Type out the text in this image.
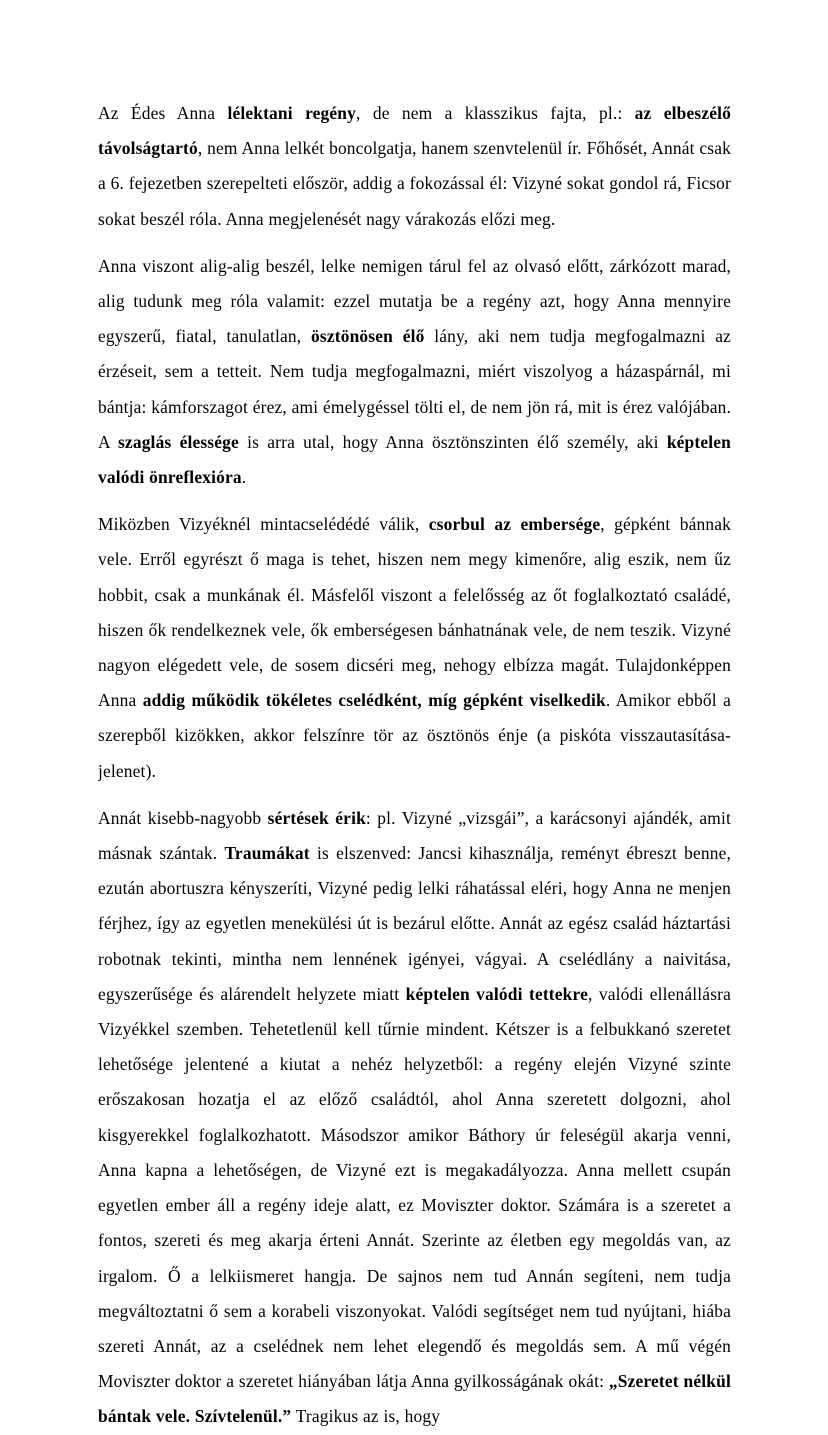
Az Édes Anna lélektani regény, de nem a klasszikus fajta, pl.: az elbeszélő távolságtartó, nem Anna lelkét boncolgatja, hanem szenvtelenül ír. Főhősét, Annát csak a 6. fejezetben szerepelteti először, addig a fokozással él: Vizyné sokat gondol rá, Ficsor sokat beszél róla. Anna megjelenését nagy várakozás előzi meg.

Anna viszont alig-alig beszél, lelke nemigen tárul fel az olvasó előtt, zárkózott marad, alig tudunk meg róla valamit: ezzel mutatja be a regény azt, hogy Anna mennyire egyszerű, fiatal, tanulatlan, ösztönösen élő lány, aki nem tudja megfogalmazni az érzéseit, sem a tetteit. Nem tudja megfogalmazni, miért viszolyog a házaspárnál, mi bántja: kámforszagot érez, ami émelygéssel tölti el, de nem jön rá, mit is érez valójában. A szaglás élessége is arra utal, hogy Anna ösztönszinten élő személy, aki képtelen valódi önreflexióra.

Miközben Vizyéknél mintacselédédé válik, csorbul az embersége, gépként bánnak vele. Erről egyrészt ő maga is tehet, hiszen nem megy kimenőre, alig eszik, nem űz hobbit, csak a munkának él. Másfelől viszont a felelősség az őt foglalkoztató családé, hiszen ők rendelkeznek vele, ők emberségesen bánhatnának vele, de nem teszik. Vizyné nagyon elégedett vele, de sosem dicséri meg, nehogy elbízza magát. Tulajdonképpen Anna addig működik tökéletes cselédként, míg gépként viselkedik. Amikor ebből a szerepből kizökken, akkor felszínre tör az ösztönös énje (a piskóta visszautasítása-jelenet).

Annát kisebb-nagyobb sértések érik: pl. Vizyné „vizsgái”, a karácsonyi ajándék, amit másnak szántak. Traumákat is elszenved: Jancsi kihasználja, reményt ébreszt benne, ezután abortuszra kényszeríti, Vizyné pedig lelki ráhatással eléri, hogy Anna ne menjen férjhez, így az egyetlen menekülési út is bezárul előtte. Annát az egész család háztartási robotnak tekinti, mintha nem lennének igényei, vágyai. A cselédlány a naivitása, egyszerűsége és alárendelt helyzete miatt képtelen valódi tettekre, valódi ellenállásra Vizyékkel szemben. Tehetetlenül kell tűrnie mindent. Kétszer is a felbukkanó szeretet lehetősége jelentené a kiutat a nehéz helyzetből: a regény elején Vizyné szinte erőszakosan hozatja el az előző családtól, ahol Anna szeretett dolgozni, ahol kisgyerekkel foglalkozhatott. Másodszor amikor Báthory úr feleségül akarja venni, Anna kapna a lehetőségen, de Vizyné ezt is megakadályozza. Anna mellett csupán egyetlen ember áll a regény ideje alatt, ez Moviszter doktor. Számára is a szeretet a fontos, szereti és meg akarja érteni Annát. Szerinte az életben egy megoldás van, az irgalom. Ő a lelkiismeret hangja. De sajnos nem tud Annán segíteni, nem tudja megváltoztatni ő sem a korabeli viszonyokat. Valódi segítséget nem tud nyújtani, hiába szereti Annát, az a cselédnek nem lehet elegendő és megoldás sem. A mű végén Moviszter doktor a szeretet hiányában látja Anna gyilkosságának okát: „Szeretet nélkül bántak vele. Szívtelenül.” Tragikus az is, hogy
